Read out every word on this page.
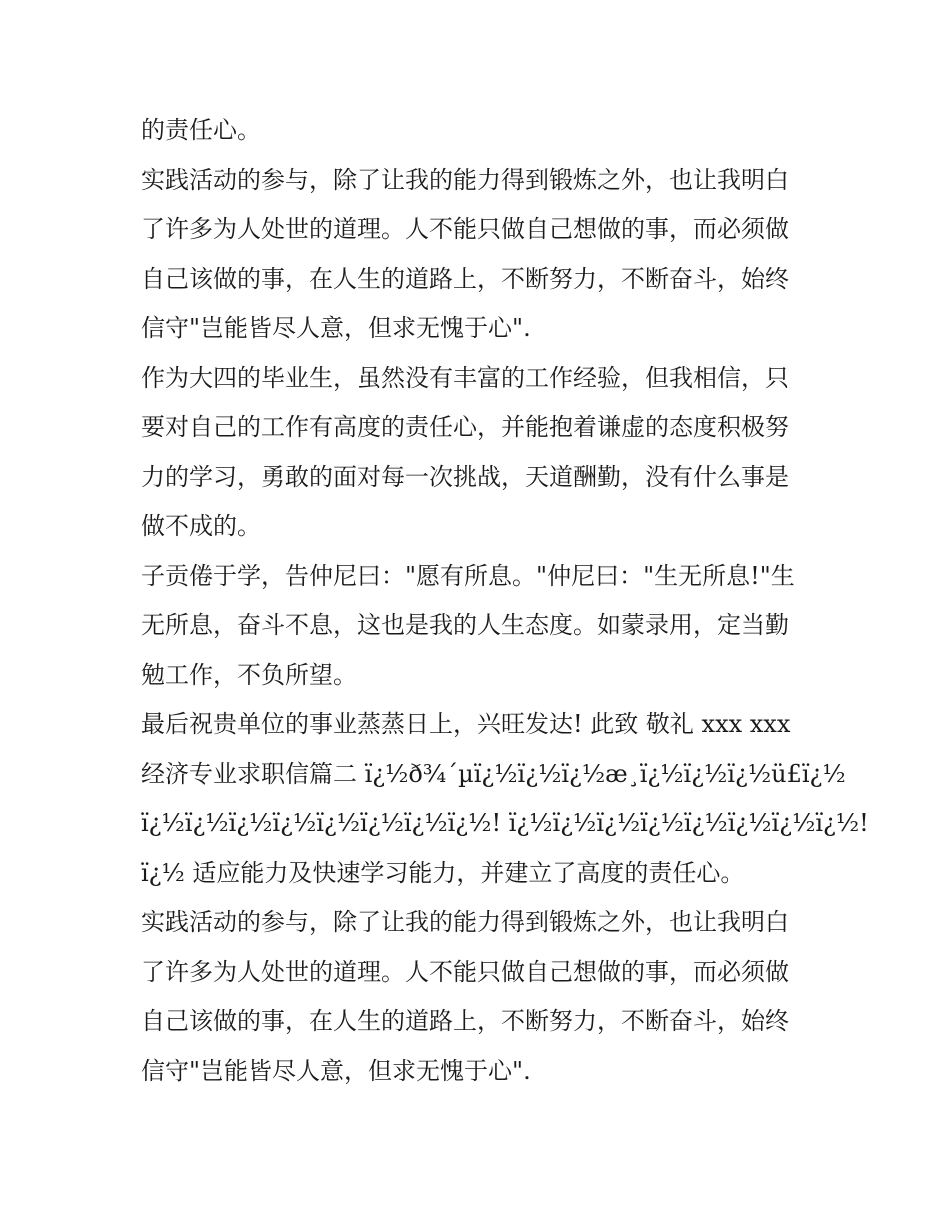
的责任心。
实践活动的参与，除了让我的能力得到锻炼之外，也让我明白
了许多为人处世的道理。人不能只做自己想做的事，而必须做
自己该做的事，在人生的道路上，不断努力，不断奋斗，始终
信守"岂能皆尽人意，但求无愧于心".
作为大四的毕业生，虽然没有丰富的工作经验，但我相信，只
要对自己的工作有高度的责任心，并能抱着谦虚的态度积极努
力的学习，勇敢的面对每一次挑战，天道酬勤，没有什么事是
做不成的。
子贡倦于学，告仲尼曰："愿有所息。"仲尼曰："生无所息!"生
无所息，奋斗不息，这也是我的人生态度。如蒙录用，定当勤
勉工作，不负所望。
最后祝贵单位的事业蒸蒸日上，兴旺发达! 此致 敬礼 xxx xxx
经济专业求职信篇二 ï¿½ð¾´µï¿½ï¿½ï¿½æ¸ï¿½ï¿½ï¿½ü£ï¿½
ï¿½ï¿½ï¿½ï¿½ï¿½ï¿½ï¿½ï¿½! ï¿½ï¿½ï¿½ï¿½ï¿½ï¿½ï¿½ï¿½!
ï¿½ 适应能力及快速学习能力，并建立了高度的责任心。
实践活动的参与，除了让我的能力得到锻炼之外，也让我明白
了许多为人处世的道理。人不能只做自己想做的事，而必须做
自己该做的事，在人生的道路上，不断努力，不断奋斗，始终
信守"岂能皆尽人意，但求无愧于心".
